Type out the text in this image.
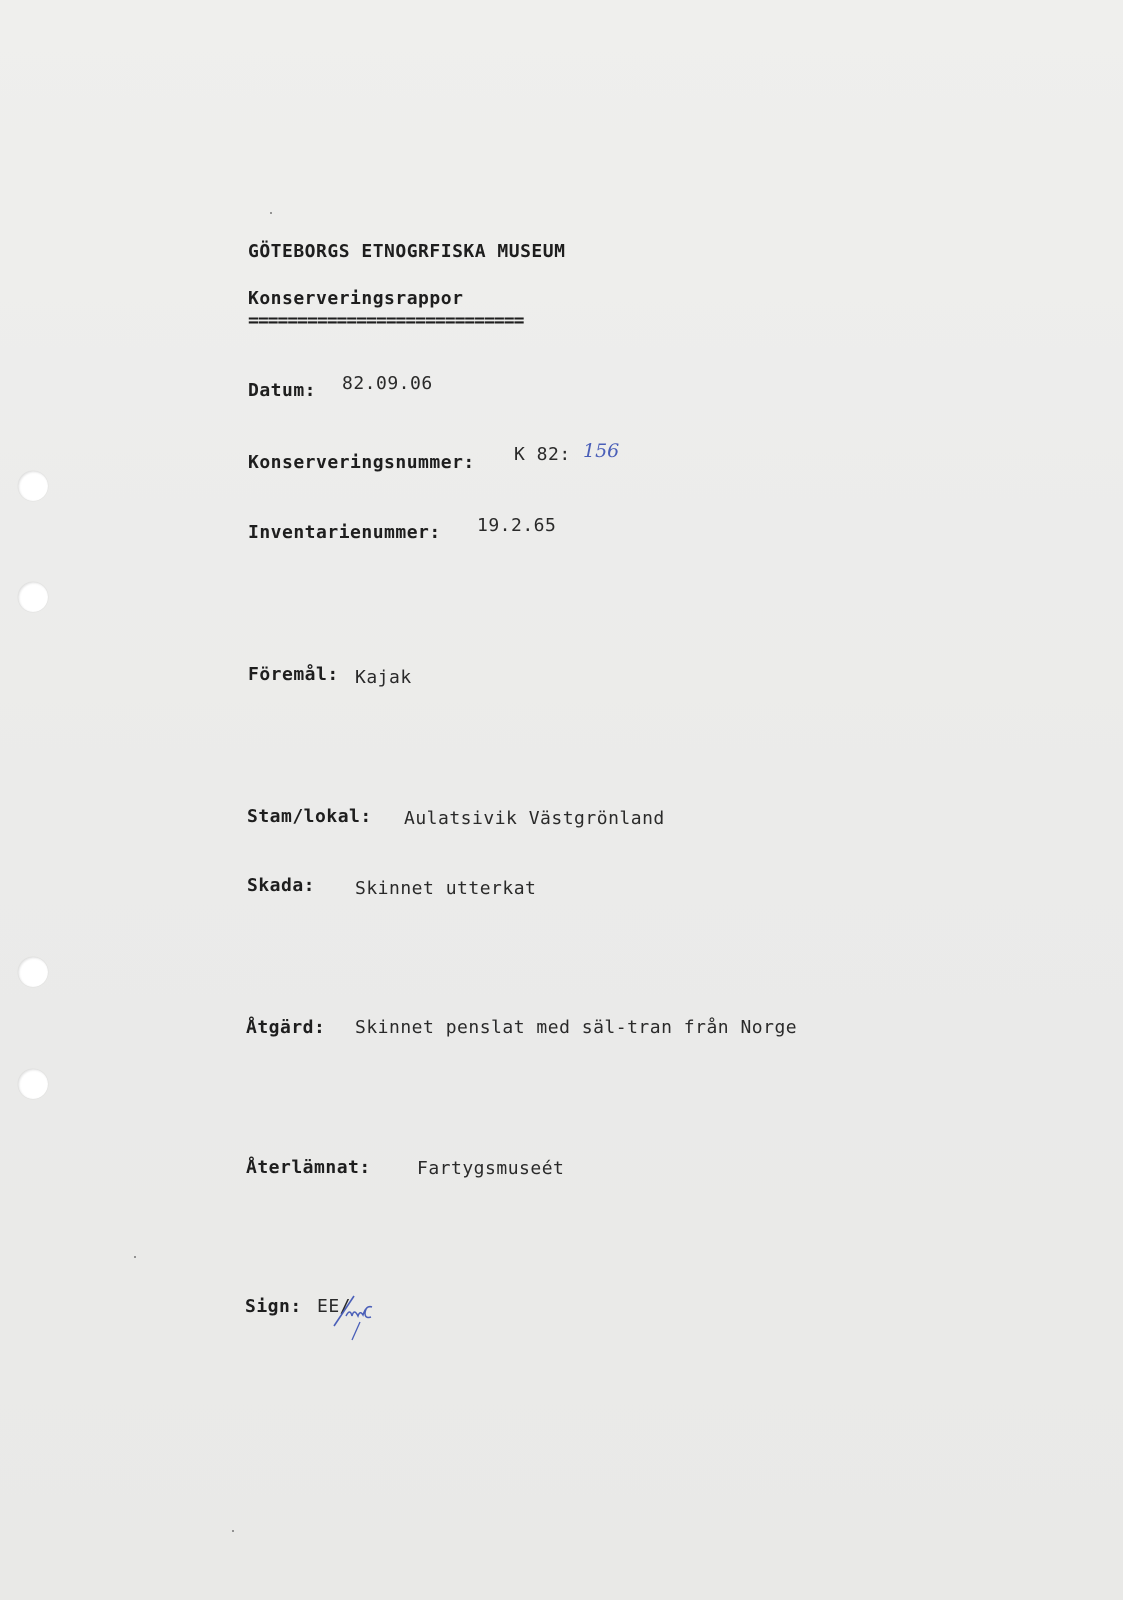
GÖTEBORGS ETNOGRFISKA MUSEUM
Konserveringsrappor
============================
Datum: 82.09.06
Konserveringsnummer: K 82: 156
Inventarienummer: 19.2.65
Föremål: Kajak
Stam/lokal: Aulatsivik Västgrönland
Skada: Skinnet utterkat
Åtgärd: Skinnet penslat med säl-tran från Norge
Återlämnat:	Fartygsmuseét
Sign: EE/
